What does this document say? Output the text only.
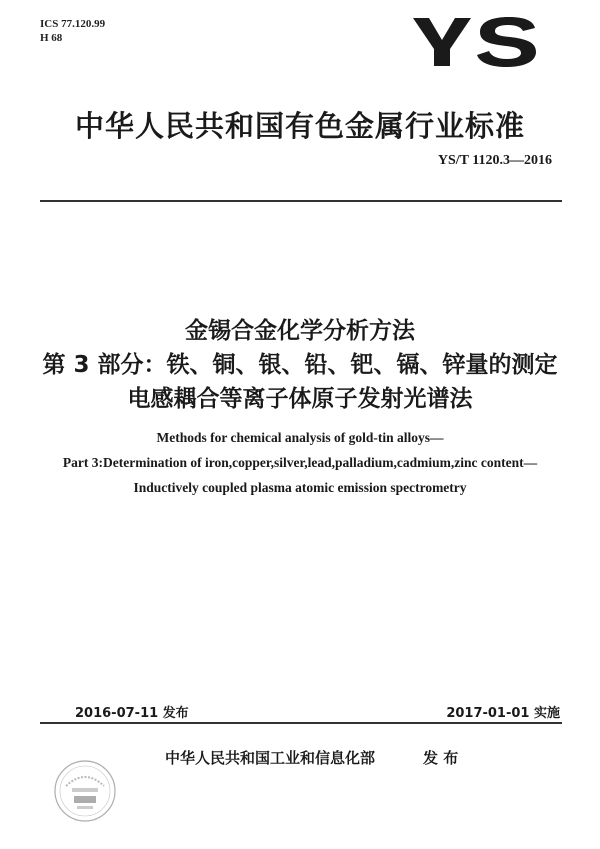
ICS 77.120.99
H 68
中华人民共和国有色金属行业标准
YS/T 1120.3—2016
金锡合金化学分析方法
第 3 部分：铁、铜、银、铅、钯、镉、锌量的测定
电感耦合等离子体原子发射光谱法
Methods for chemical analysis of gold-tin alloys—
Part 3:Determination of iron,copper,silver,lead,palladium,cadmium,zinc content—
Inductively coupled plasma atomic emission spectrometry
2016-07-11 发布	2017-01-01 实施
中华人民共和国工业和信息化部	发 布
